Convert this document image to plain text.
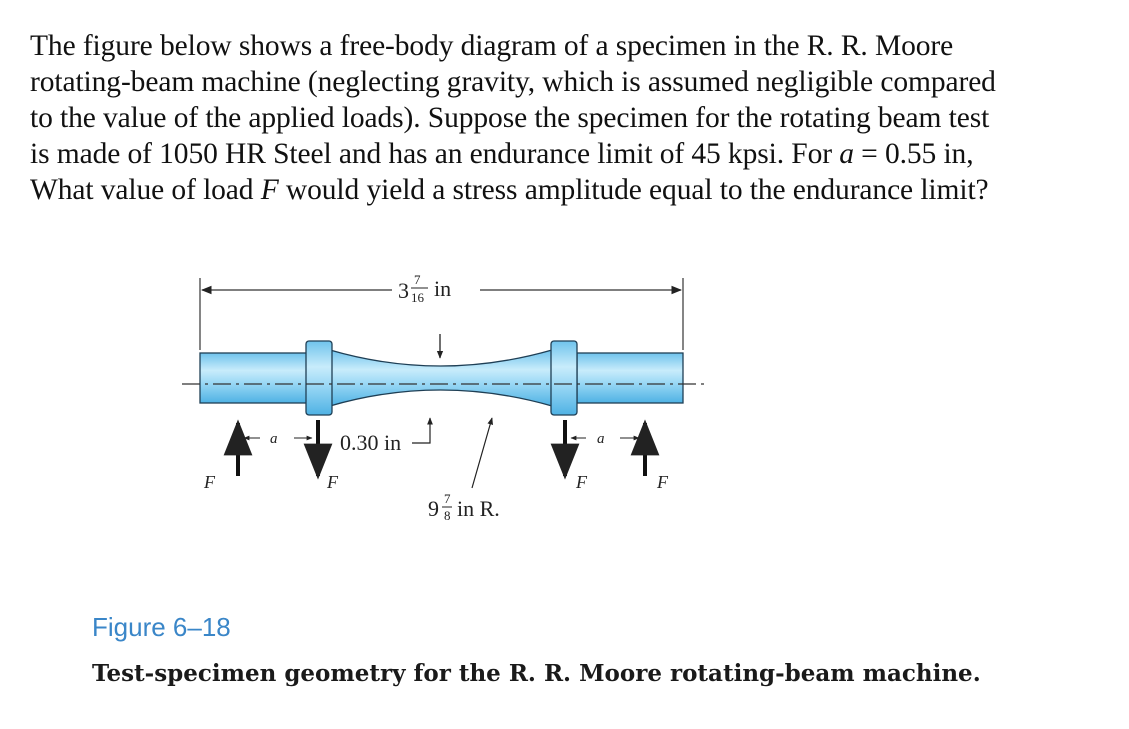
The figure below shows a free-body diagram of a specimen in the R. R. Moore
rotating-beam machine (neglecting gravity, which is assumed negligible compared
to the value of the applied loads). Suppose the specimen for the rotating beam test
is made of 1050 HR Steel and has an endurance limit of 45 kpsi. For a = 0.55 in,
What value of load F would yield a stress amplitude equal to the endurance limit?
3 7
16 in
F	F
a
F	F
a
0.30 in
9 7
8 in R.
Figure 6–18
Test-specimen geometry for the R. R. Moore rotating-beam machine.
